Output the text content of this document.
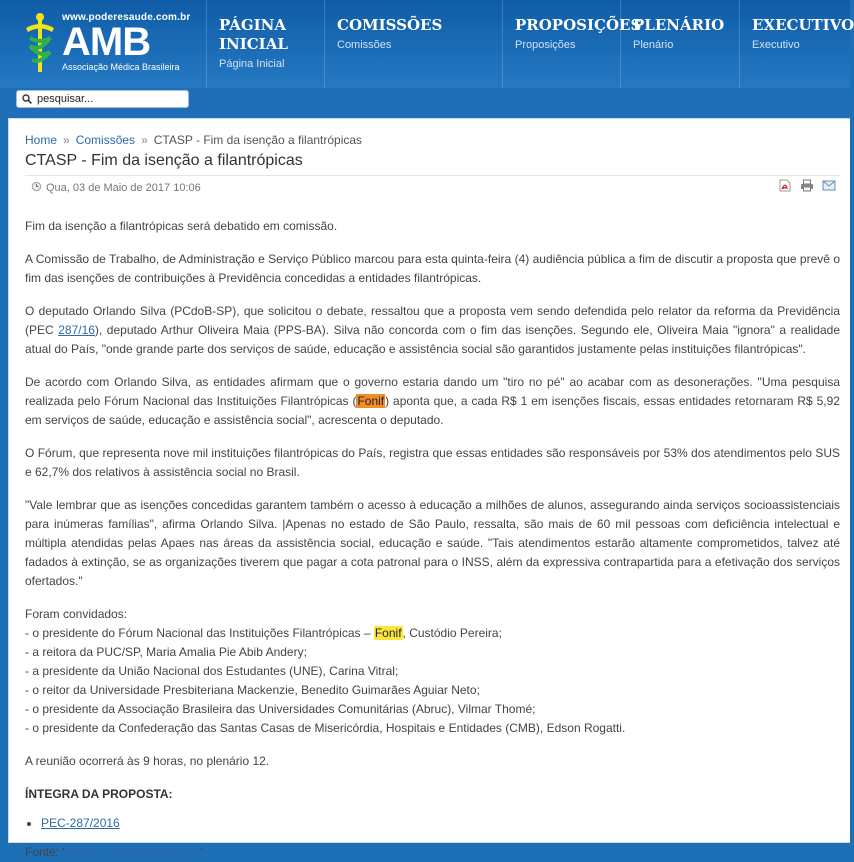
www.poderesaude.com.br
AMB
Associação Médica Brasileira
PÁGINA INICIAL
Página Inicial
COMISSÕES
Comissões
PROPOSIÇÕES
Proposições
PLENÁRIO
Plenário
EXECUTIVO
Executivo
pesquisar...
Home » Comissões » CTASP - Fim da isenção a filantrópicas
CTASP - Fim da isenção a filantrópicas
Qua, 03 de Maio de 2017 10:06

Fim da isenção a filantrópicas será debatido em comissão.

A Comissão de Trabalho, de Administração e Serviço Público marcou para esta quinta-feira (4) audiência pública a fim de discutir a proposta que prevê o fim das isenções de contribuições à Previdência concedidas a entidades filantrópicas.

O deputado Orlando Silva (PCdoB-SP), que solicitou o debate, ressaltou que a proposta vem sendo defendida pelo relator da reforma da Previdência (PEC 287/16), deputado Arthur Oliveira Maia (PPS-BA). Silva não concorda com o fim das isenções. Segundo ele, Oliveira Maia "ignora" a realidade atual do País, "onde grande parte dos serviços de saúde, educação e assistência social são garantidos justamente pelas instituições filantrópicas".

De acordo com Orlando Silva, as entidades afirmam que o governo estaria dando um "tiro no pé" ao acabar com as desonerações. "Uma pesquisa realizada pelo Fórum Nacional das Instituições Filantrópicas (Fonif) aponta que, a cada R$ 1 em isenções fiscais, essas entidades retornaram R$ 5,92 em serviços de saúde, educação e assistência social", acrescenta o deputado.

O Fórum, que representa nove mil instituições filantrópicas do País, registra que essas entidades são responsáveis por 53% dos atendimentos pelo SUS e 62,7% dos relativos à assistência social no Brasil.

"Vale lembrar que as isenções concedidas garantem também o acesso à educação a milhões de alunos, assegurando ainda serviços socioassistenciais para inúmeras famílias", afirma Orlando Silva. |Apenas no estado de São Paulo, ressalta, são mais de 60 mil pessoas com deficiência intelectual e múltipla atendidas pelas Apaes nas áreas da assistência social, educação e saúde. "Tais atendimentos estarão altamente comprometidos, talvez até fadados à extinção, se as organizações tiverem que pagar a cota patronal para o INSS, além da expressiva contrapartida para a efetivação dos serviços ofertados."

Foram convidados:
- o presidente do Fórum Nacional das Instituições Filantrópicas – Fonif, Custódio Pereira;
- a reitora da PUC/SP, Maria Amalia Pie Abib Andery;
- a presidente da União Nacional dos Estudantes (UNE), Carina Vitral;
- o reitor da Universidade Presbiteriana Mackenzie, Benedito Guimarães Aguiar Neto;
- o presidente da Associação Brasileira das Universidades Comunitárias (Abruc), Vilmar Thomé;
- o presidente da Confederação das Santas Casas de Misericórdia, Hospitais e Entidades (CMB), Edson Rogatti.

A reunião ocorrerá às 9 horas, no plenário 12.

ÍNTEGRA DA PROPOSTA:
• PEC-287/2016
Fonte: 'Agência Câmara Notícias'
